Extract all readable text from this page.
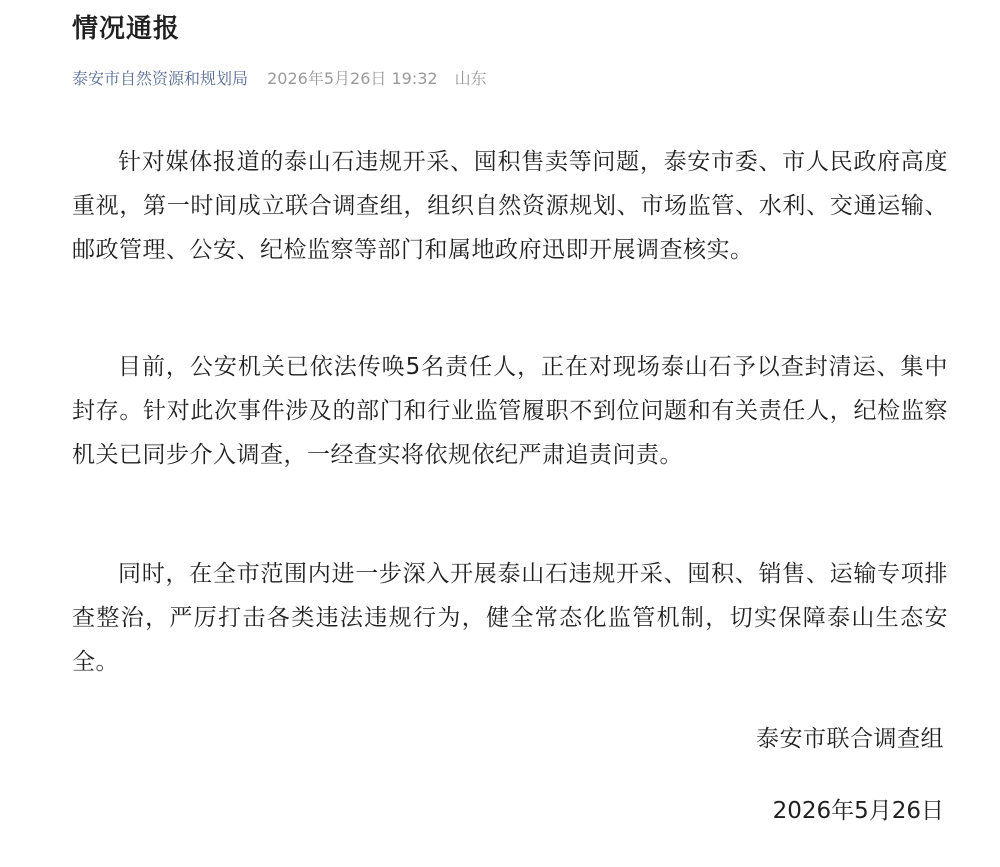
情况通报
泰安市自然资源和规划局 2026年5月26日 19:32 山东

针对媒体报道的泰山石违规开采、囤积售卖等问题，泰安市委、市人民政府高度重视，第一时间成立联合调查组，组织自然资源规划、市场监管、水利、交通运输、邮政管理、公安、纪检监察等部门和属地政府迅即开展调查核实。

目前，公安机关已依法传唤5名责任人，正在对现场泰山石予以查封清运、集中封存。针对此次事件涉及的部门和行业监管履职不到位问题和有关责任人，纪检监察机关已同步介入调查，一经查实将依规依纪严肃追责问责。

同时，在全市范围内进一步深入开展泰山石违规开采、囤积、销售、运输专项排查整治，严厉打击各类违法违规行为，健全常态化监管机制，切实保障泰山生态安全。

泰安市联合调查组
2026年5月26日
